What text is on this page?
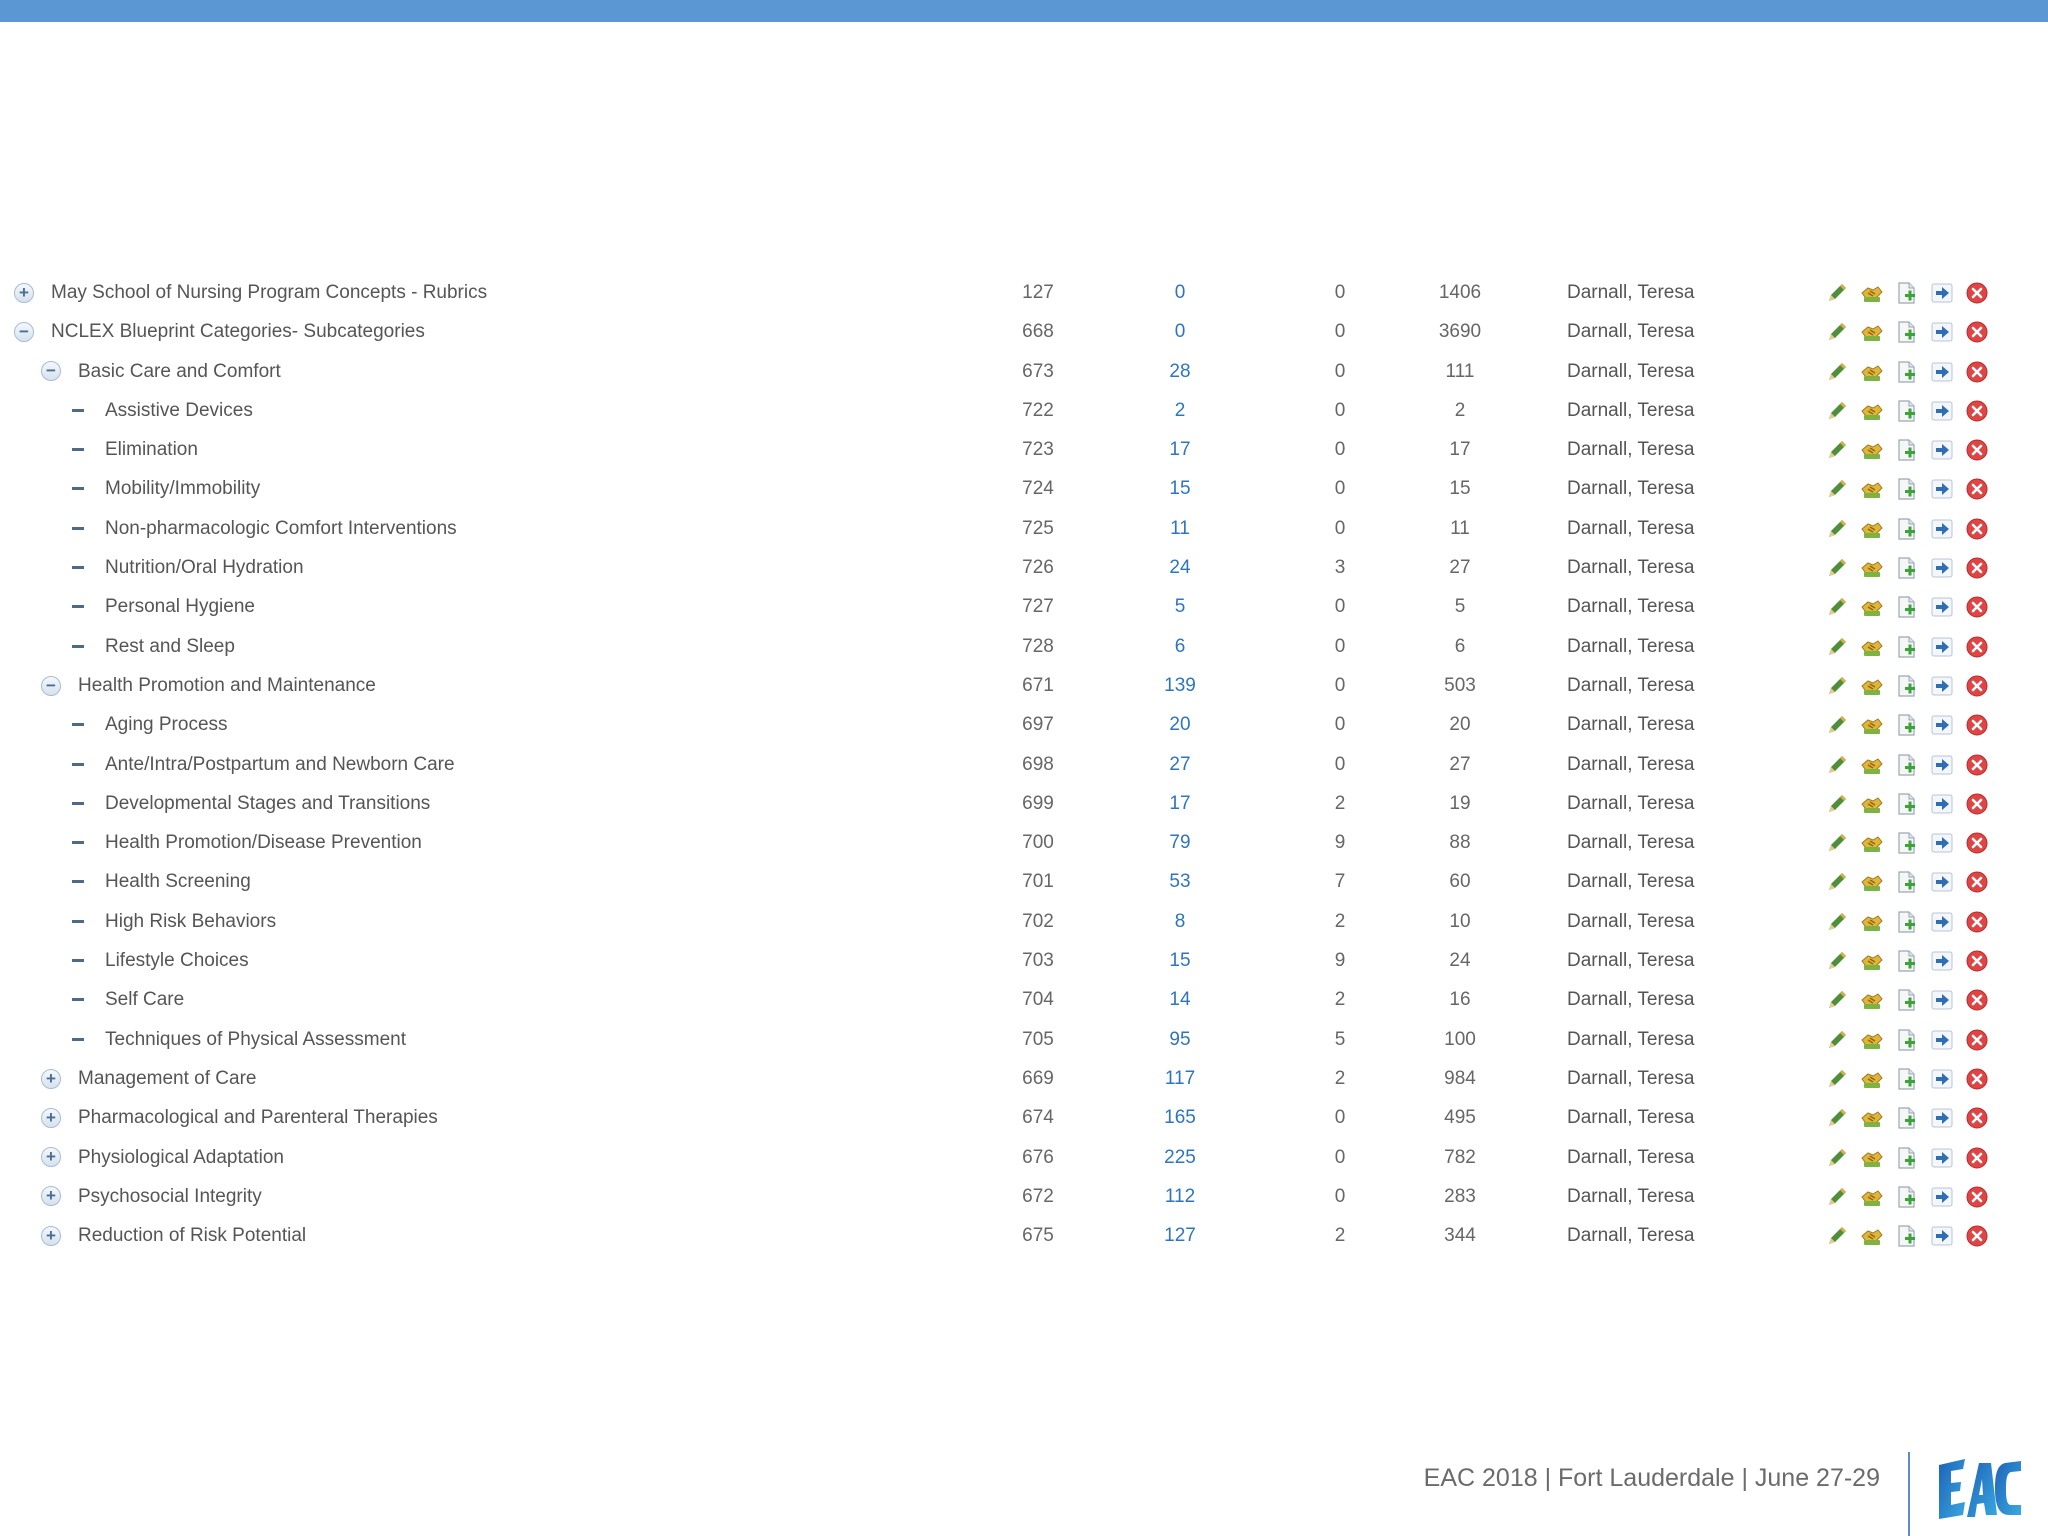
+ May School of Nursing Program Concepts - Rubrics	127	0	0	1406	Darnall, Teresa
− NCLEX Blueprint Categories- Subcategories	668	0	0	3690	Darnall, Teresa
− Basic Care and Comfort	673	28	0	111	Darnall, Teresa
Assistive Devices	722	2	0	2	Darnall, Teresa
Elimination	723	17	0	17	Darnall, Teresa
Mobility/Immobility	724	15	0	15	Darnall, Teresa
Non-pharmacologic Comfort Interventions	725	11	0	11	Darnall, Teresa
Nutrition/Oral Hydration	726	24	3	27	Darnall, Teresa
Personal Hygiene	727	5	0	5	Darnall, Teresa
Rest and Sleep	728	6	0	6	Darnall, Teresa
− Health Promotion and Maintenance	671	139	0	503	Darnall, Teresa
Aging Process	697	20	0	20	Darnall, Teresa
Ante/Intra/Postpartum and Newborn Care	698	27	0	27	Darnall, Teresa
Developmental Stages and Transitions	699	17	2	19	Darnall, Teresa
Health Promotion/Disease Prevention	700	79	9	88	Darnall, Teresa
Health Screening	701	53	7	60	Darnall, Teresa
High Risk Behaviors	702	8	2	10	Darnall, Teresa
Lifestyle Choices	703	15	9	24	Darnall, Teresa
Self Care	704	14	2	16	Darnall, Teresa
Techniques of Physical Assessment	705	95	5	100	Darnall, Teresa
+ Management of Care	669	117	2	984	Darnall, Teresa
+ Pharmacological and Parenteral Therapies	674	165	0	495	Darnall, Teresa
+ Physiological Adaptation	676	225	0	782	Darnall, Teresa
+ Psychosocial Integrity	672	112	0	283	Darnall, Teresa
+ Reduction of Risk Potential	675	127	2	344	Darnall, Teresa
EAC 2018 | Fort Lauderdale | June 27-29
